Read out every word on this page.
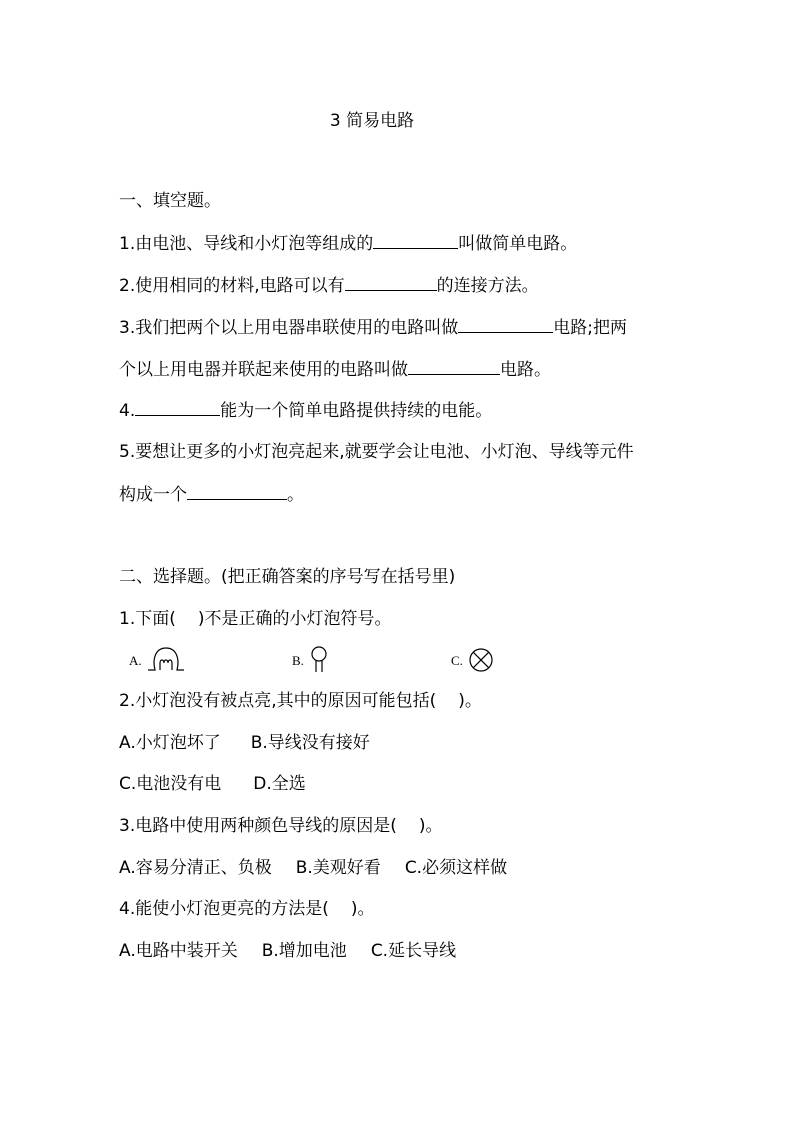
3 简易电路
一、填空题。
1.由电池、导线和小灯泡等组成的	叫做简单电路。
2.使用相同的材料,电路可以有	的连接方法。
3.我们把两个以上用电器串联使用的电路叫做	电路;把两
个以上用电器并联起来使用的电路叫做	电路。
4.	能为一个简单电路提供持续的电能。
5.要想让更多的小灯泡亮起来,就要学会让电池、小灯泡、导线等元件
构成一个	。
二、选择题。(把正确答案的序号写在括号里)
1.下面( )不是正确的小灯泡符号。
A.	B.	C.
2.小灯泡没有被点亮,其中的原因可能包括( )。
A.小灯泡坏了 B.导线没有接好
C.电池没有电 D.全选
3.电路中使用两种颜色导线的原因是( )。
A.容易分清正、负极 B.美观好看 C.必须这样做
4.能使小灯泡更亮的方法是( )。
A.电路中装开关 B.增加电池 C.延长导线
